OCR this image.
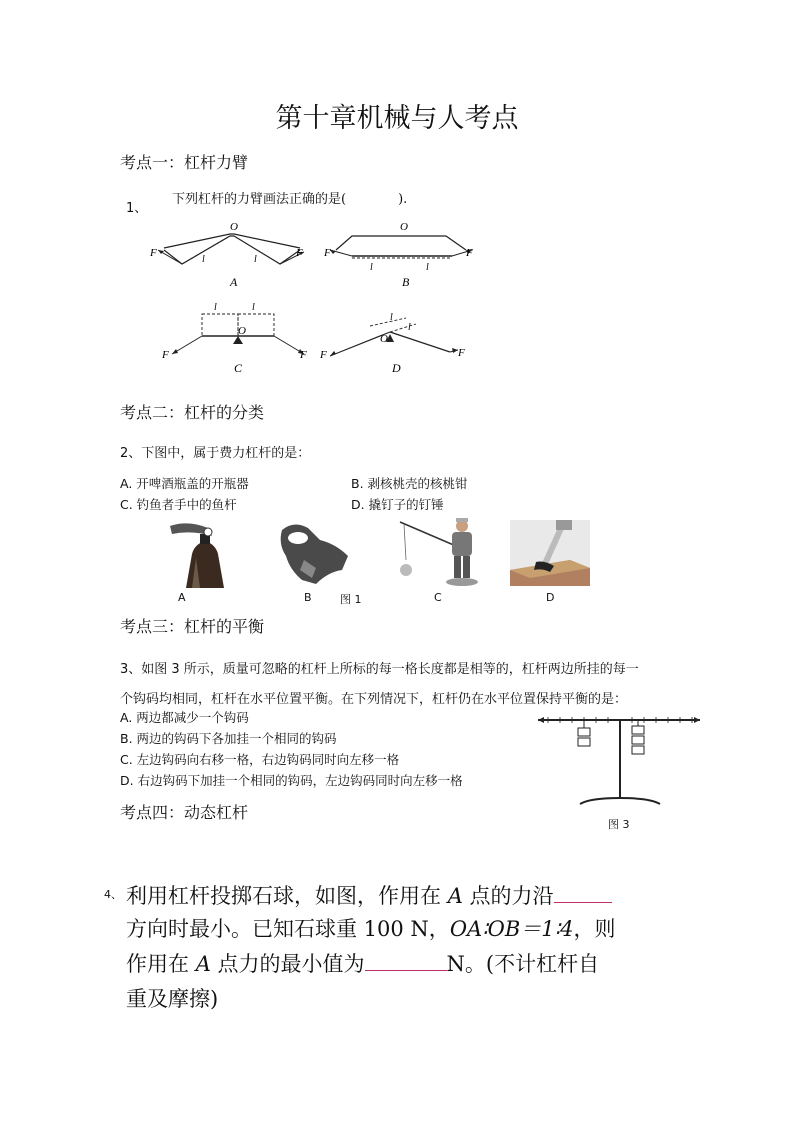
第十章机械与人考点
考点一：杠杆力臂
1、
下列杠杆的力臂画法正确的是(　　　　).
O
F	F
l	l
A
O
F	F
l	l
B
l	l
O
F	F
C
O
l
l
F	F
D
考点二：杠杆的分类
2、下图中，属于费力杠杆的是：
A. 开啤酒瓶盖的开瓶器	B. 剥核桃壳的核桃钳
C. 钓鱼者手中的鱼杆	D. 撬钉子的钉锤
A	B	图 1	C	D
考点三：杠杆的平衡
3、如图 3 所示，质量可忽略的杠杆上所标的每一格长度都是相等的，杠杆两边所挂的每一
个钩码均相同，杠杆在水平位置平衡。在下列情况下，杠杆仍在水平位置保持平衡的是：
A. 两边都减少一个钩码
B. 两边的钩码下各加挂一个相同的钩码
C. 左边钩码向右移一格，右边钩码同时向左移一格
D. 右边钩码下加挂一个相同的钩码，左边钩码同时向左移一格
图 3
考点四：动态杠杆
4、 利用杠杆投掷石球，如图，作用在 A 点的力沿
方向时最小。已知石球重 100 N，OA∶OB＝1∶4，则
作用在 A 点力的最小值为	N。(不计杠杆自
重及摩擦)
